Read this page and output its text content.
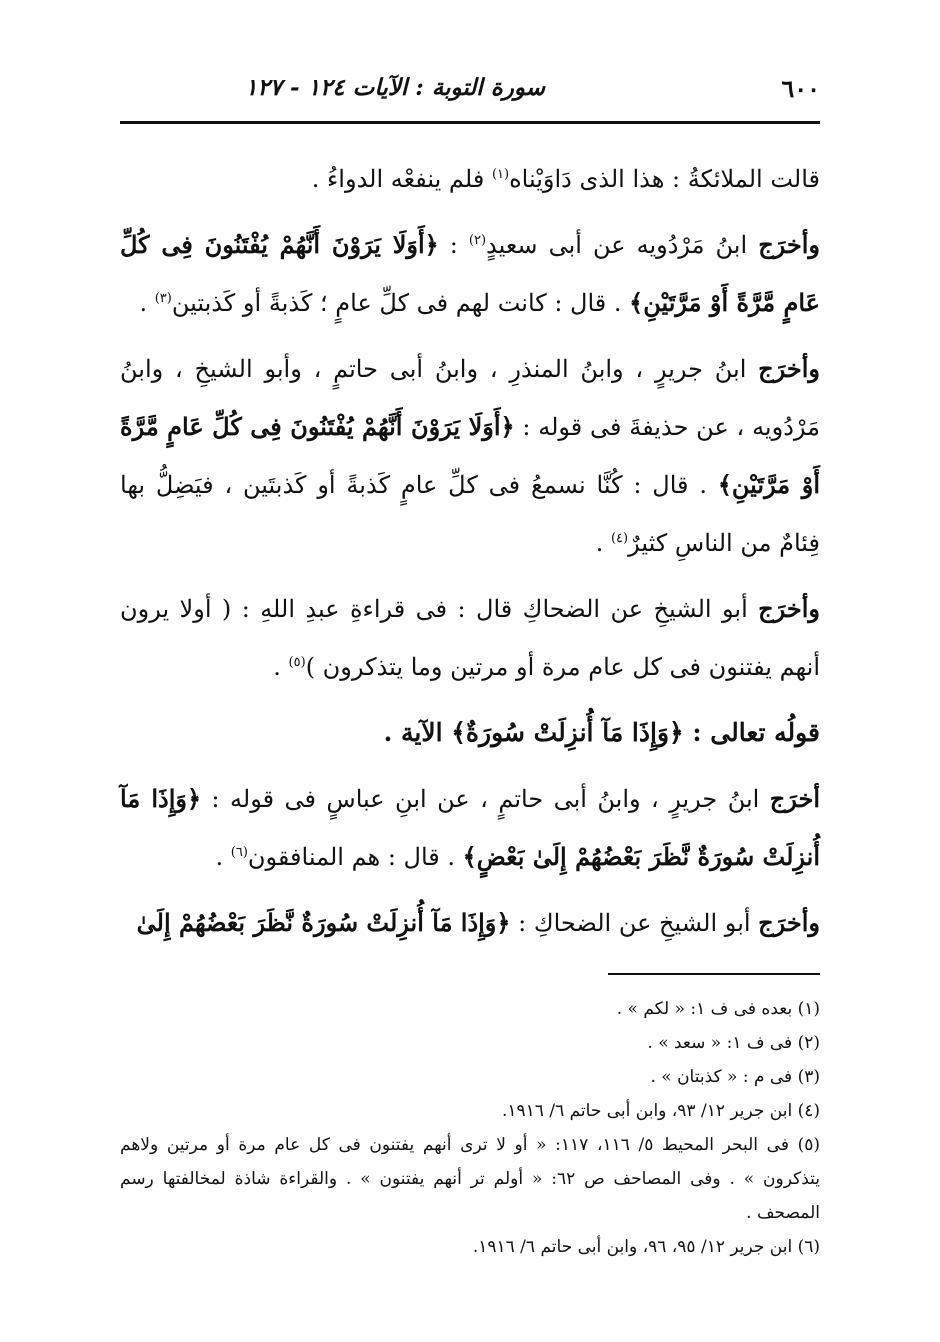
٦٠٠
سورة التوبة : الآيات ١٢٤ - ١٢٧

قالت الملائكةُ : هذا الذى دَاوَيْناه$^{(١)}$ فلم ينفعْه الدواءُ .

وأخرَج ابنُ مَرْدُويه عن أبى سعيدٍ$^{(٢)}$ : ﴿أَوَلَا يَرَوْنَ أَنَّهُمْ يُفْتَنُونَ فِى كُلِّ عَامٍ مَّرَّةً أَوْ مَرَّتَيْنِ﴾ . قال : كانت لهم فى كلِّ عامٍ ؛ كَذبةً أو كَذبتين$^{(٣)}$ .

وأخرَج ابنُ جريرٍ ، وابنُ المنذرِ ، وابنُ أبى حاتمٍ ، وأبو الشيخِ ، وابنُ مَرْدُويه ، عن حذيفةَ فى قوله : ﴿أَوَلَا يَرَوْنَ أَنَّهُمْ يُفْتَنُونَ فِى كُلِّ عَامٍ مَّرَّةً أَوْ مَرَّتَيْنِ﴾ . قال : كُنَّا نسمعُ فى كلِّ عامٍ كَذبةً أو كَذبتَين ، فيَضِلُّ بها فِئامٌ من الناسِ كثيرٌ$^{(٤)}$ .

وأخرَج أبو الشيخِ عن الضحاكِ قال : فى قراءةِ عبدِ اللهِ : ( أولا يرون أنهم يفتنون فى كل عام مرة أو مرتين وما يتذكرون )$^{(٥)}$ .

قولُه تعالى : ﴿وَإِذَا مَآ أُنزِلَتْ سُورَةٌ﴾ الآية .

أخرَج ابنُ جريرٍ ، وابنُ أبى حاتمٍ ، عن ابنِ عباسٍ فى قوله : ﴿وَإِذَا مَآ أُنزِلَتْ سُورَةٌ نَّظَرَ بَعْضُهُمْ إِلَىٰ بَعْضٍ﴾ . قال : هم المنافقون$^{(٦)}$ .

وأخرَج أبو الشيخِ عن الضحاكِ : ﴿وَإِذَا مَآ أُنزِلَتْ سُورَةٌ نَّظَرَ بَعْضُهُمْ إِلَىٰ

(١) بعده فى ف ١: « لكم » .

(٢) فى ف ١: « سعد » .

(٣) فى م : « كذبتان » .

(٤) ابن جرير ١٢/ ٩٣، وابن أبى حاتم ٦/ ١٩١٦.

(٥) فى البحر المحيط ٥/ ١١٦، ١١٧: « أو لا ترى أنهم يفتنون فى كل عام مرة أو مرتين ولاهم يتذكرون » . وفى المصاحف ص ٦٢: « أولم تر أنهم يفتنون » . والقراءة شاذة لمخالفتها رسم المصحف .

(٦) ابن جرير ١٢/ ٩٥، ٩٦، وابن أبى حاتم ٦/ ١٩١٦.
